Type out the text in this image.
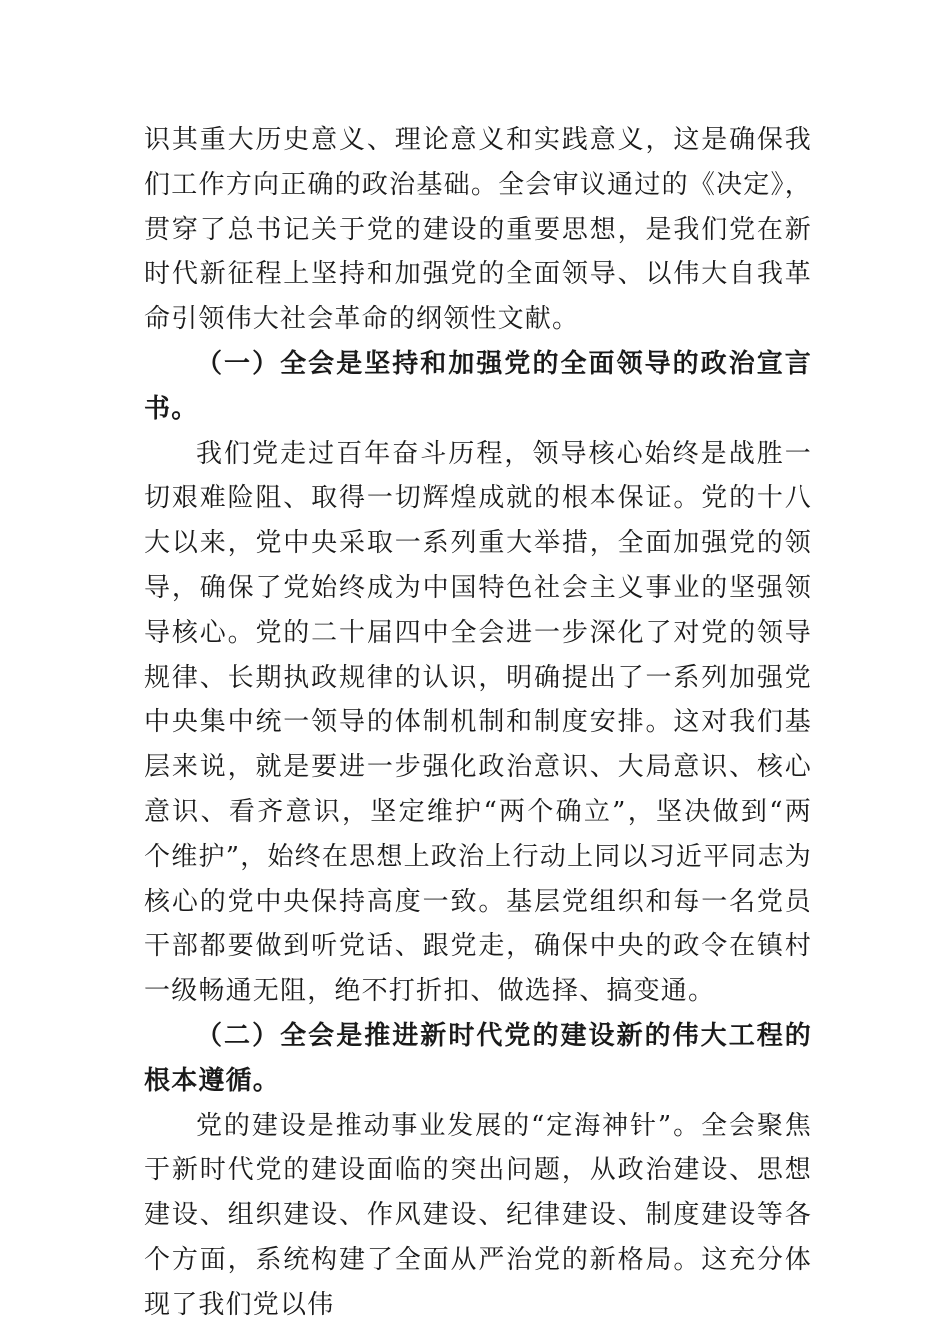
识其重大历史意义、理论意义和实践意义，这是确保我们工作方向正确的政治基础。全会审议通过的《决定》，贯穿了总书记关于党的建设的重要思想，是我们党在新时代新征程上坚持和加强党的全面领导、以伟大自我革命引领伟大社会革命的纲领性文献。

（一）全会是坚持和加强党的全面领导的政治宣言书。

我们党走过百年奋斗历程，领导核心始终是战胜一切艰难险阻、取得一切辉煌成就的根本保证。党的十八大以来，党中央采取一系列重大举措，全面加强党的领导，确保了党始终成为中国特色社会主义事业的坚强领导核心。党的二十届四中全会进一步深化了对党的领导规律、长期执政规律的认识，明确提出了一系列加强党中央集中统一领导的体制机制和制度安排。这对我们基层来说，就是要进一步强化政治意识、大局意识、核心意识、看齐意识，坚定维护“两个确立”，坚决做到“两个维护”，始终在思想上政治上行动上同以习近平同志为核心的党中央保持高度一致。基层党组织和每一名党员干部都要做到听党话、跟党走，确保中央的政令在镇村一级畅通无阻，绝不打折扣、做选择、搞变通。

（二）全会是推进新时代党的建设新的伟大工程的根本遵循。

党的建设是推动事业发展的“定海神针”。全会聚焦于新时代党的建设面临的突出问题，从政治建设、思想建设、组织建设、作风建设、纪律建设、制度建设等各个方面，系统构建了全面从严治党的新格局。这充分体现了我们党以伟
